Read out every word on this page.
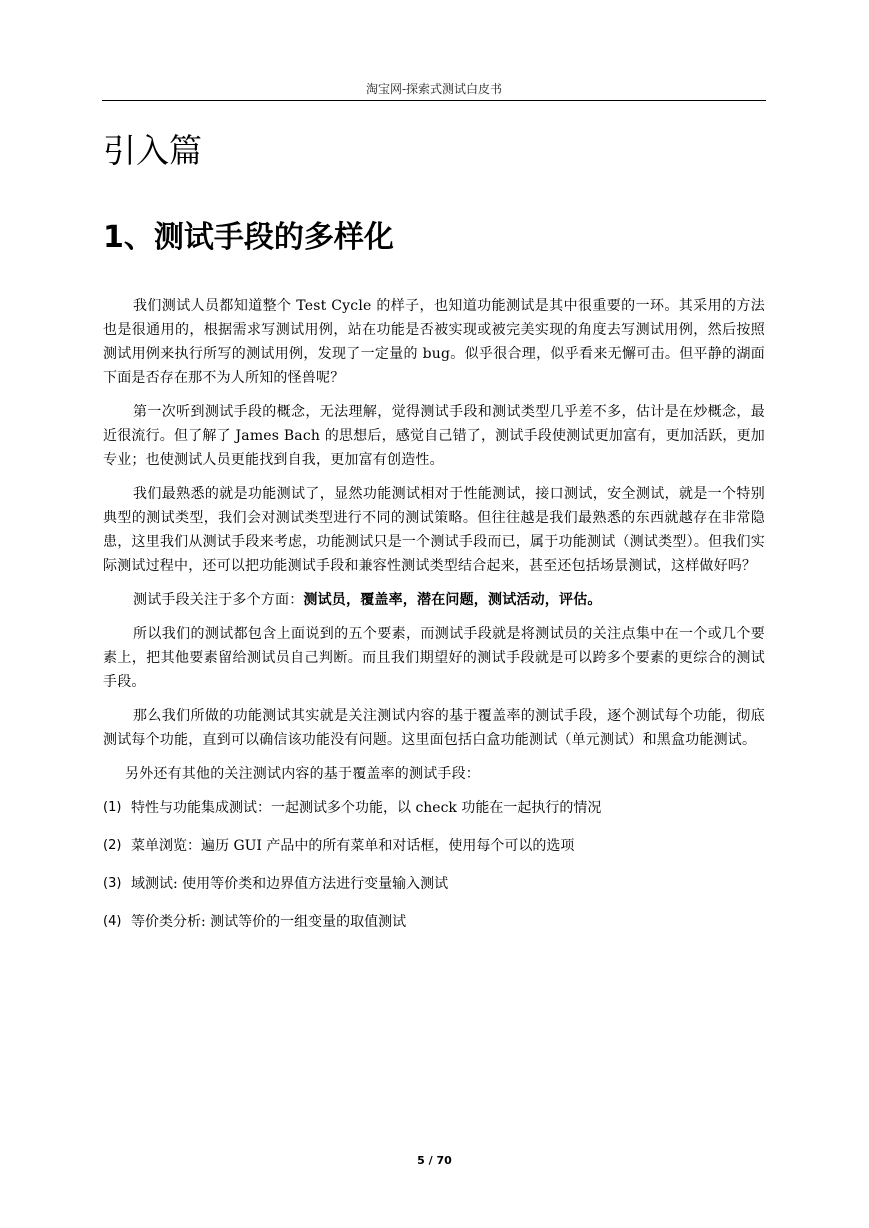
淘宝网-探索式测试白皮书
引入篇
1、测试手段的多样化

我们测试人员都知道整个 Test Cycle 的样子，也知道功能测试是其中很重要的一环。其采用的方法也是很通用的，根据需求写测试用例，站在功能是否被实现或被完美实现的角度去写测试用例，然后按照测试用例来执行所写的测试用例，发现了一定量的 bug。似乎很合理，似乎看来无懈可击。但平静的湖面下面是否存在那不为人所知的怪兽呢？

第一次听到测试手段的概念，无法理解，觉得测试手段和测试类型几乎差不多，估计是在炒概念，最近很流行。但了解了 James Bach 的思想后，感觉自己错了，测试手段使测试更加富有，更加活跃，更加专业；也使测试人员更能找到自我，更加富有创造性。

我们最熟悉的就是功能测试了，显然功能测试相对于性能测试，接口测试，安全测试，就是一个特别典型的测试类型，我们会对测试类型进行不同的测试策略。但往往越是我们最熟悉的东西就越存在非常隐患，这里我们从测试手段来考虑，功能测试只是一个测试手段而已，属于功能测试（测试类型）。但我们实际测试过程中，还可以把功能测试手段和兼容性测试类型结合起来，甚至还包括场景测试，这样做好吗？

测试手段关注于多个方面：测试员，覆盖率，潜在问题，测试活动，评估。

所以我们的测试都包含上面说到的五个要素，而测试手段就是将测试员的关注点集中在一个或几个要素上，把其他要素留给测试员自己判断。而且我们期望好的测试手段就是可以跨多个要素的更综合的测试手段。

那么我们所做的功能测试其实就是关注测试内容的基于覆盖率的测试手段，逐个测试每个功能，彻底测试每个功能，直到可以确信该功能没有问题。这里面包括白盒功能测试（单元测试）和黑盒功能测试。

另外还有其他的关注测试内容的基于覆盖率的测试手段：

(1) 特性与功能集成测试：一起测试多个功能，以 check 功能在一起执行的情况
(2) 菜单浏览：遍历 GUI 产品中的所有菜单和对话框，使用每个可以的选项
(3) 域测试: 使用等价类和边界值方法进行变量输入测试
(4) 等价类分析: 测试等价的一组变量的取值测试
5 / 70
